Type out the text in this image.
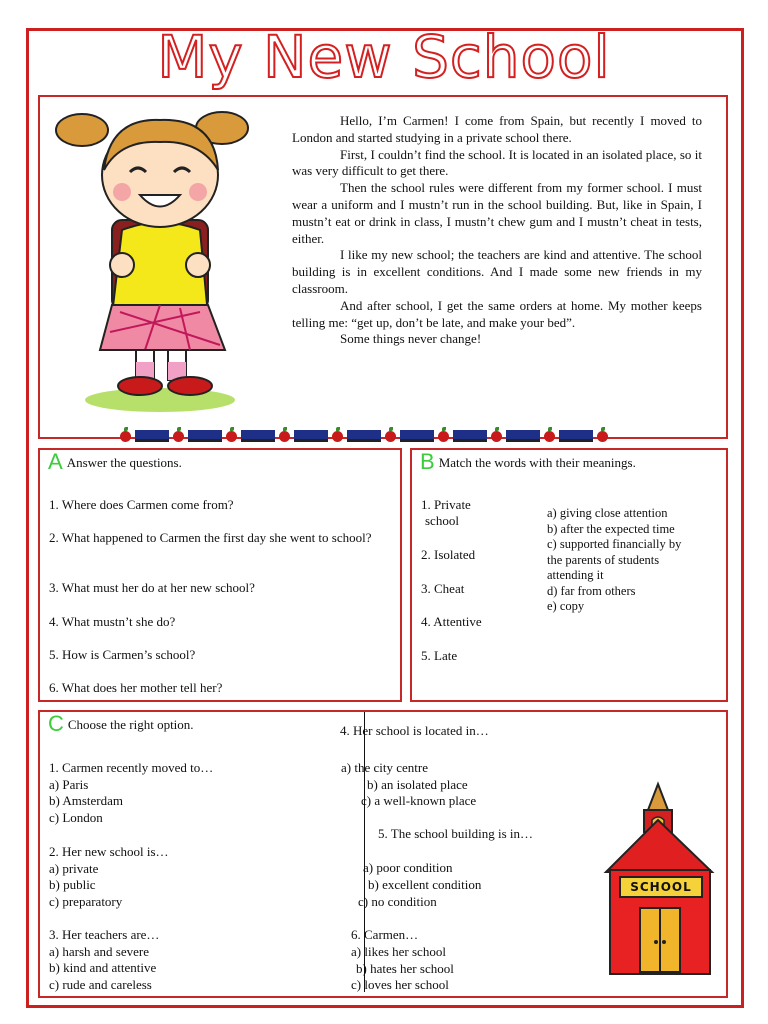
My New School

Hello, I’m Carmen! I come from Spain, but recently I moved to London and started studying in a private school there.

First, I couldn’t find the school. It is located in an isolated place, so it was very difficult to get there.

Then the school rules were different from my former school. I must wear a uniform and I mustn’t run in the school building. But, like in Spain, I mustn’t eat or drink in class, I mustn’t chew gum and I mustn’t cheat in tests, either.

I like my new school; the teachers are kind and attentive. The school building is in excellent conditions. And I made some new friends in my classroom.

And after school, I get the same orders at home. My mother keeps telling me: “get up, don’t be late, and make your bed”.

Some things never change!

A Answer the questions.
1. Where does Carmen come from?
2. What happened to Carmen the first day she went to school?
3. What must her do at her new school?
4. What mustn’t she do?
5. How is Carmen’s school?
6. What does her mother tell her?
B Match the words with their meanings.
1. Private
school
2. Isolated
3. Cheat
4. Attentive
5. Late
a) giving close attention
b) after the expected time
c) supported financially by
the parents of students
attending it
d) far from others
e) copy
C Choose the right option.
1. Carmen recently moved to…
a) Paris
b) Amsterdam
c) London
2. Her new school is…
a) private
b) public
c) preparatory
3. Her teachers are…
a) harsh and severe
b) kind and attentive
c) rude and careless
4. Her school is located in…
a) the city centre
b) an isolated place
c) a well-known place
5. The school building is in…
a) poor condition
b) excellent condition
c) no condition
6. Carmen…
a) likes her school
b) hates her school
c) loves her school
SCHOOL
